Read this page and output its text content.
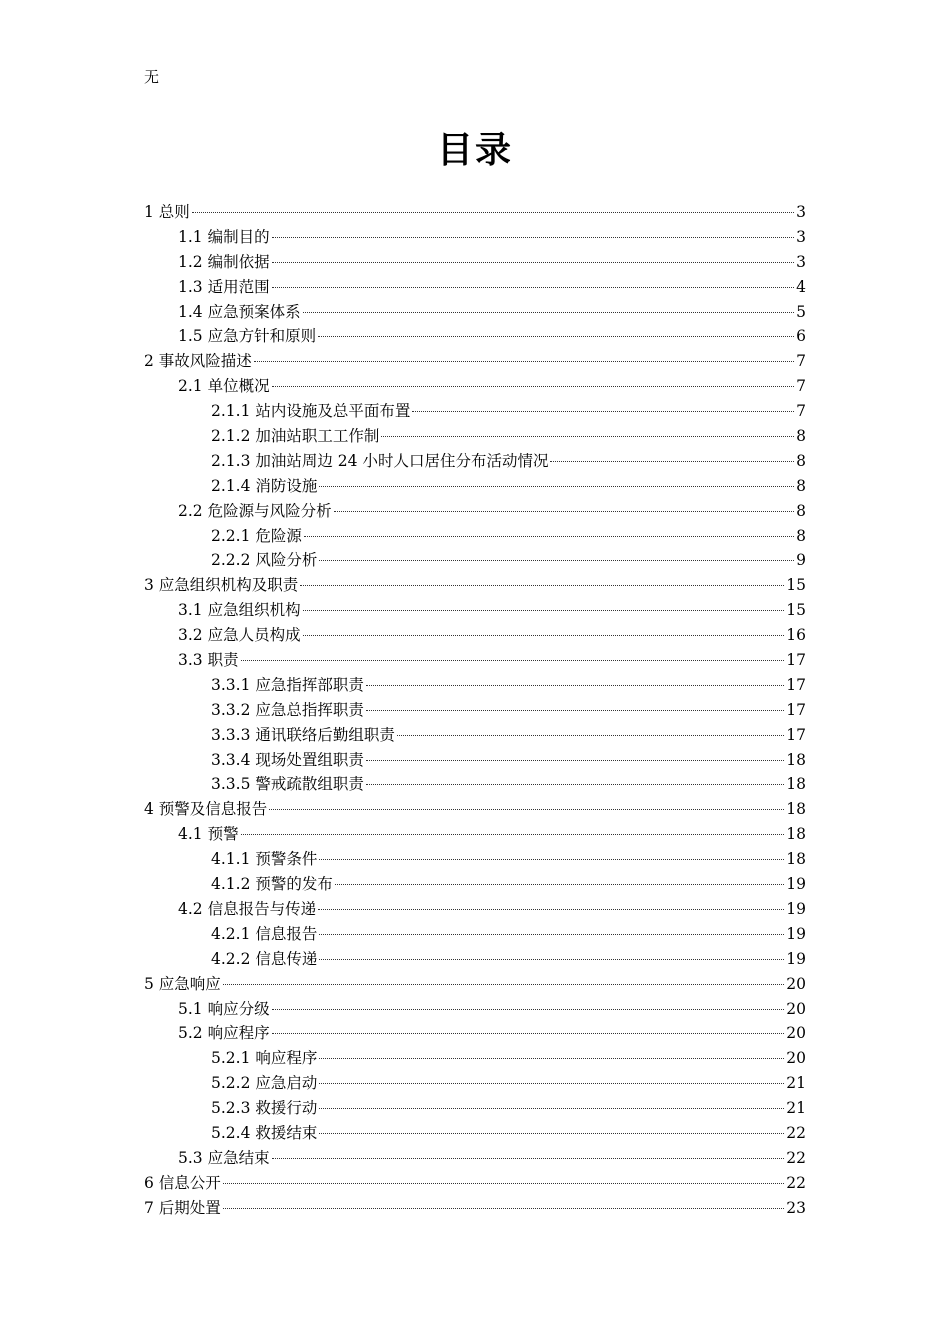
无
目录
1 总则	3
1.1 编制目的	3
1.2 编制依据	3
1.3 适用范围	4
1.4 应急预案体系	5
1.5 应急方针和原则	6
2 事故风险描述	7
2.1 单位概况	7
2.1.1 站内设施及总平面布置	7
2.1.2 加油站职工工作制	8
2.1.3 加油站周边 24 小时人口居住分布活动情况	8
2.1.4 消防设施	8
2.2 危险源与风险分析	8
2.2.1 危险源	8
2.2.2 风险分析	9
3 应急组织机构及职责	15
3.1 应急组织机构	15
3.2 应急人员构成	16
3.3 职责	17
3.3.1 应急指挥部职责	17
3.3.2 应急总指挥职责	17
3.3.3 通讯联络后勤组职责	17
3.3.4 现场处置组职责	18
3.3.5 警戒疏散组职责	18
4 预警及信息报告	18
4.1 预警	18
4.1.1 预警条件	18
4.1.2 预警的发布	19
4.2 信息报告与传递	19
4.2.1 信息报告	19
4.2.2 信息传递	19
5 应急响应	20
5.1 响应分级	20
5.2 响应程序	20
5.2.1 响应程序	20
5.2.2 应急启动	21
5.2.3 救援行动	21
5.2.4 救援结束	22
5.3 应急结束	22
6 信息公开	22
7 后期处置	23
